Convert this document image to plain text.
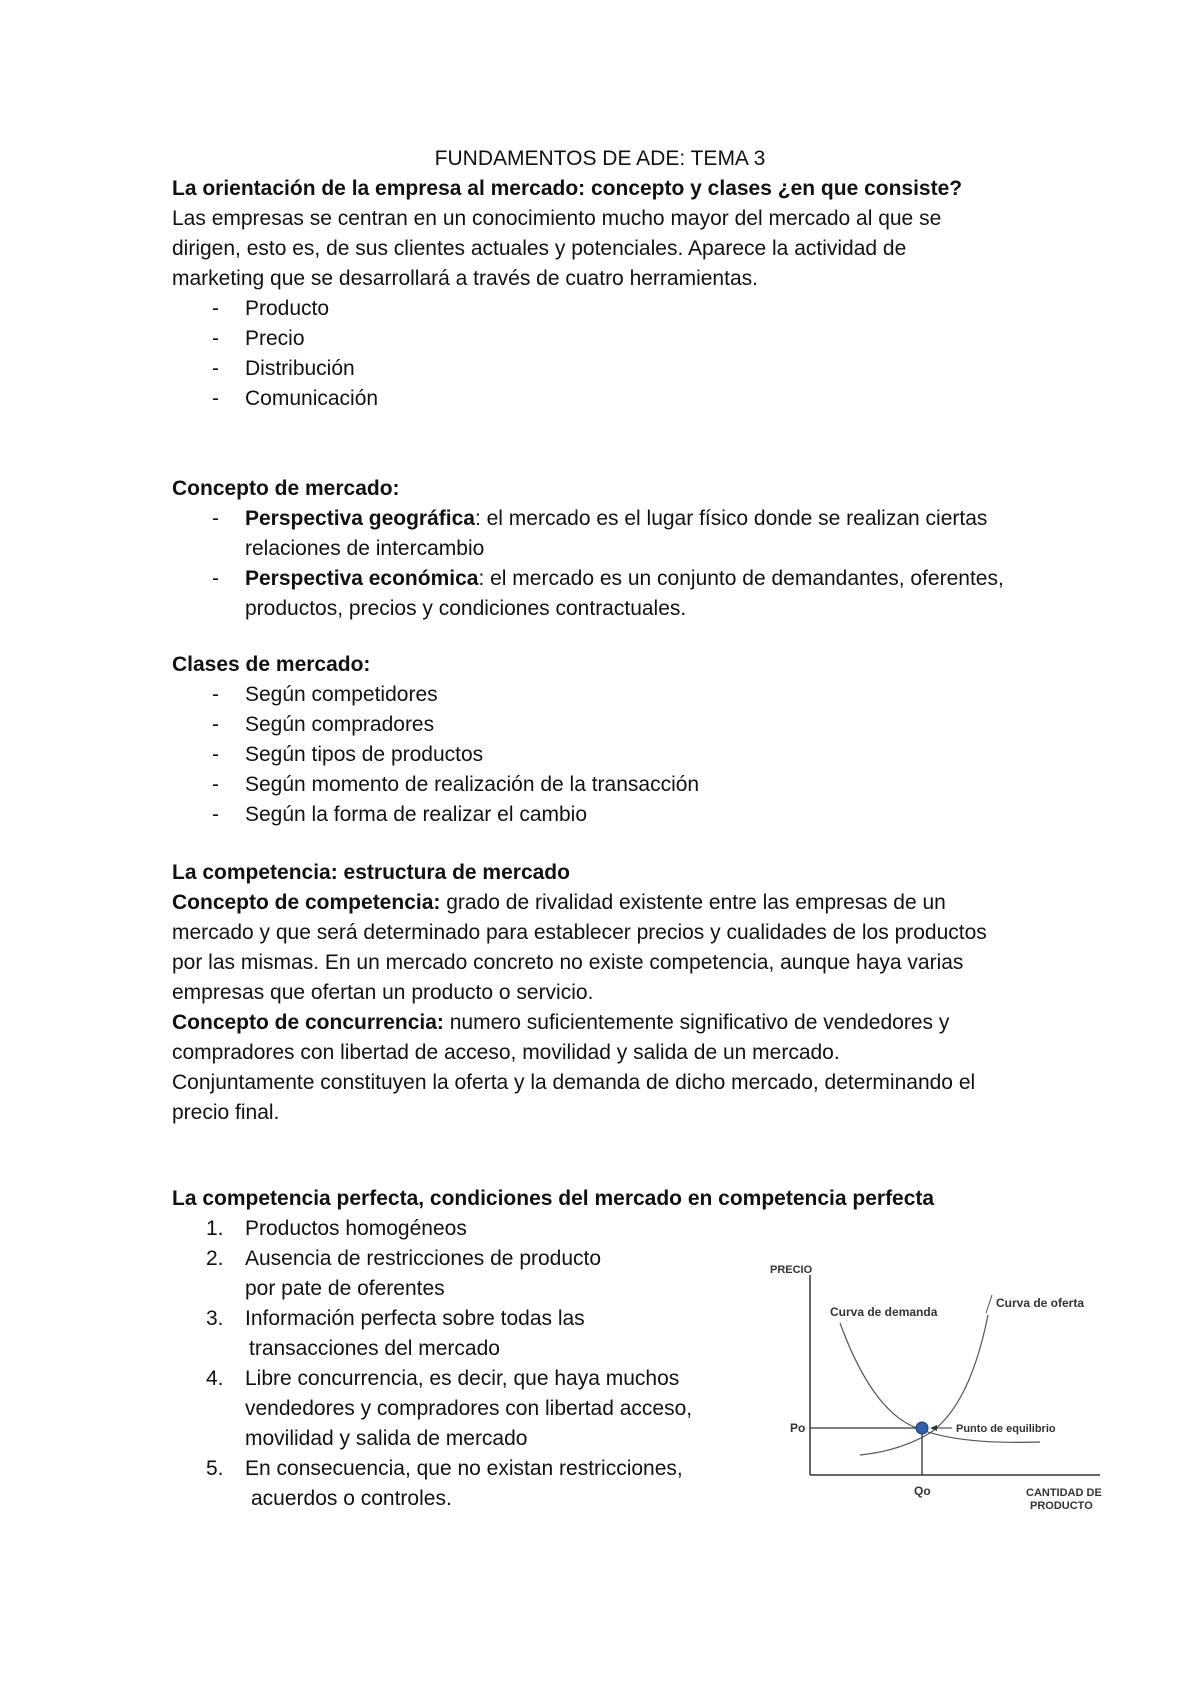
FUNDAMENTOS DE ADE: TEMA 3

La orientación de la empresa al mercado: concepto y clases ¿en que consiste?

Las empresas se centran en un conocimiento mucho mayor del mercado al que se

dirigen, esto es, de sus clientes actuales y potenciales. Aparece la actividad de

marketing que se desarrollará a través de cuatro herramientas.

- Producto
- Precio
- Distribución
- Comunicación

Concepto de mercado:

- Perspectiva geográfica: el mercado es el lugar físico donde se realizan ciertas
relaciones de intercambio
- Perspectiva económica: el mercado es un conjunto de demandantes, oferentes,
productos, precios y condiciones contractuales.

Clases de mercado:

- Según competidores
- Según compradores
- Según tipos de productos
- Según momento de realización de la transacción
- Según la forma de realizar el cambio

La competencia: estructura de mercado

Concepto de competencia: grado de rivalidad existente entre las empresas de un

mercado y que será determinado para establecer precios y cualidades de los productos

por las mismas. En un mercado concreto no existe competencia, aunque haya varias

empresas que ofertan un producto o servicio.

Concepto de concurrencia: numero suficientemente significativo de vendedores y

compradores con libertad de acceso, movilidad y salida de un mercado.

Conjuntamente constituyen la oferta y la demanda de dicho mercado, determinando el

precio final.

La competencia perfecta, condiciones del mercado en competencia perfecta

1. Productos homogéneos
2. Ausencia de restricciones de producto
por pate de oferentes
3. Información perfecta sobre todas las
transacciones del mercado
4. Libre concurrencia, es decir, que haya muchos
vendedores y compradores con libertad acceso,
movilidad y salida de mercado
5. En consecuencia, que no existan restricciones,
acuerdos o controles.
PRECIO
Curva de demanda
Curva de oferta
Punto de equilibrio
Po
Qo	CANTIDAD DE
PRODUCTO
